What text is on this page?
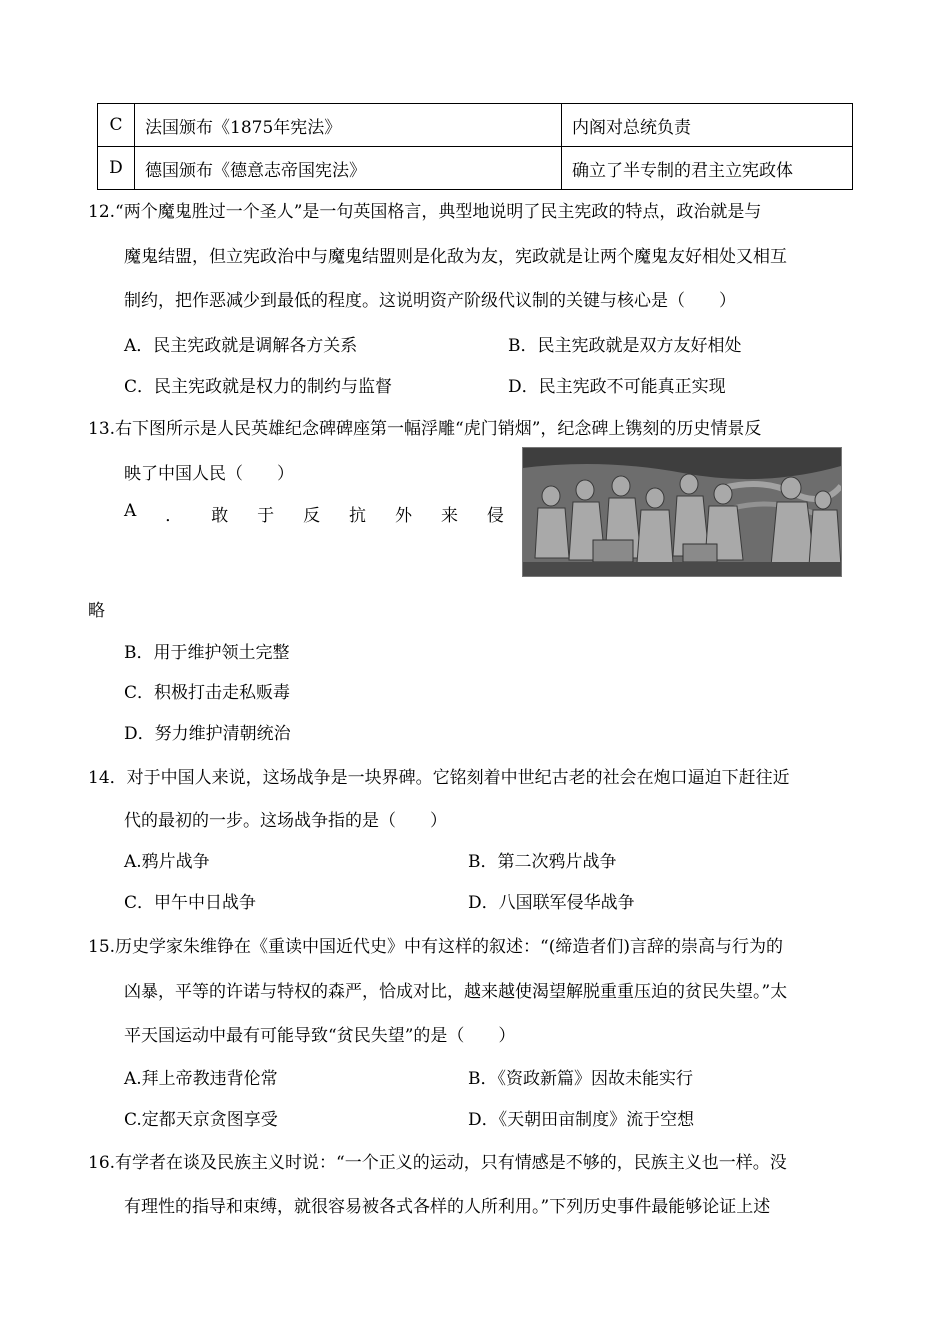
C	法国颁布《1875年宪法》	内阁对总统负责
D	德国颁布《德意志帝国宪法》	确立了半专制的君主立宪政体
12.“两个魔鬼胜过一个圣人”是一句英国格言，典型地说明了民主宪政的特点，政治就是与
魔鬼结盟，但立宪政治中与魔鬼结盟则是化敌为友，宪政就是让两个魔鬼友好相处又相互
制约，把作恶减少到最低的程度。这说明资产阶级代议制的关键与核心是（　　）
A．民主宪政就是调解各方关系	B．民主宪政就是双方友好相处
C．民主宪政就是权力的制约与监督	D．民主宪政不可能真正实现
13.右下图所示是人民英雄纪念碑碑座第一幅浮雕“虎门销烟”，纪念碑上镌刻的历史情景反
映了中国人民（　　）
A ． 敢 于 反 抗 外 来 侵
略
B．用于维护领土完整
C．积极打击走私贩毒
D．努力维护清朝统治
14．对于中国人来说，这场战争是一块界碑。它铭刻着中世纪古老的社会在炮口逼迫下赶往近
代的最初的一步。这场战争指的是（　　）
A.鸦片战争	B．第二次鸦片战争
C．甲午中日战争	D．八国联军侵华战争
15.历史学家朱维铮在《重读中国近代史》中有这样的叙述：“(缔造者们)言辞的崇高与行为的
凶暴，平等的许诺与特权的森严，恰成对比，越来越使渴望解脱重重压迫的贫民失望。”太
平天国运动中最有可能导致“贫民失望”的是（　　）
A.拜上帝教违背伦常	B．《资政新篇》因故未能实行
C.定都天京贪图享受	D．《天朝田亩制度》流于空想
16.有学者在谈及民族主义时说：“一个正义的运动，只有情感是不够的，民族主义也一样。没
有理性的指导和束缚，就很容易被各式各样的人所利用。”下列历史事件最能够论证上述
